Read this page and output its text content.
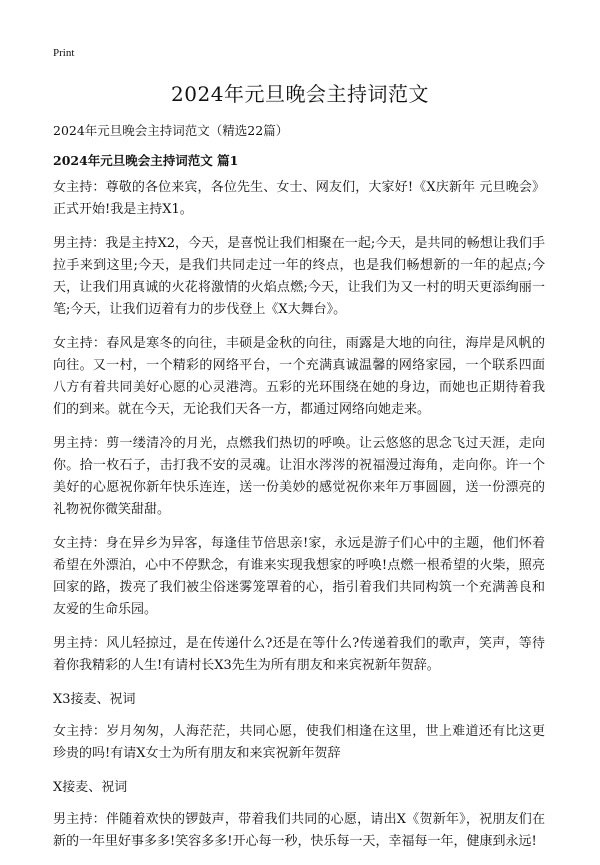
Print
2024年元旦晚会主持词范文

2024年元旦晚会主持词范文（精选22篇）

2024年元旦晚会主持词范文 篇1

女主持：尊敬的各位来宾，各位先生、女士、网友们，大家好!《X庆新年 元旦晚会》正式开始!我是主持X1。

男主持：我是主持X2，今天，是喜悦让我们相聚在一起;今天，是共同的畅想让我们手拉手来到这里;今天，是我们共同走过一年的终点，也是我们畅想新的一年的起点;今天，让我们用真诚的火花将激情的火焰点燃;今天，让我们为又一村的明天更添绚丽一笔;今天，让我们迈着有力的步伐登上《X大舞台》。

女主持：春风是寒冬的向往，丰硕是金秋的向往，雨露是大地的向往，海岸是风帆的向往。又一村，一个精彩的网络平台，一个充满真诚温馨的网络家园，一个联系四面八方有着共同美好心愿的心灵港湾。五彩的光环围绕在她的身边，而她也正期待着我们的到来。就在今天，无论我们天各一方，都通过网络向她走来。

男主持：剪一缕清冷的月光，点燃我们热切的呼唤。让云悠悠的思念飞过天涯，走向你。拾一枚石子，击打我不安的灵魂。让泪水涔涔的祝福漫过海角，走向你。许一个美好的心愿祝你新年快乐连连，送一份美妙的感觉祝你来年万事圆圆，送一份漂亮的礼物祝你微笑甜甜。

女主持：身在异乡为异客，每逢佳节倍思亲!家，永远是游子们心中的主题，他们怀着希望在外漂泊，心中不停默念，有谁来实现我想家的呼唤!点燃一根希望的火柴，照亮回家的路，拨亮了我们被尘俗迷雾笼罩着的心，指引着我们共同构筑一个充满善良和友爱的生命乐园。

男主持：风儿轻掠过，是在传递什么?还是在等什么?传递着我们的歌声，笑声，等待着你我精彩的人生!有请村长X3先生为所有朋友和来宾祝新年贺辞。

X3接麦、祝词

女主持：岁月匆匆，人海茫茫，共同心愿，使我们相逢在这里，世上难道还有比这更珍贵的吗!有请X女士为所有朋友和来宾祝新年贺辞

X接麦、祝词

男主持：伴随着欢快的锣鼓声，带着我们共同的心愿，请出X《贺新年》，祝朋友们在新的一年里好事多多!笑容多多!开心每一秒，快乐每一天，幸福每一年，健康到永远!
